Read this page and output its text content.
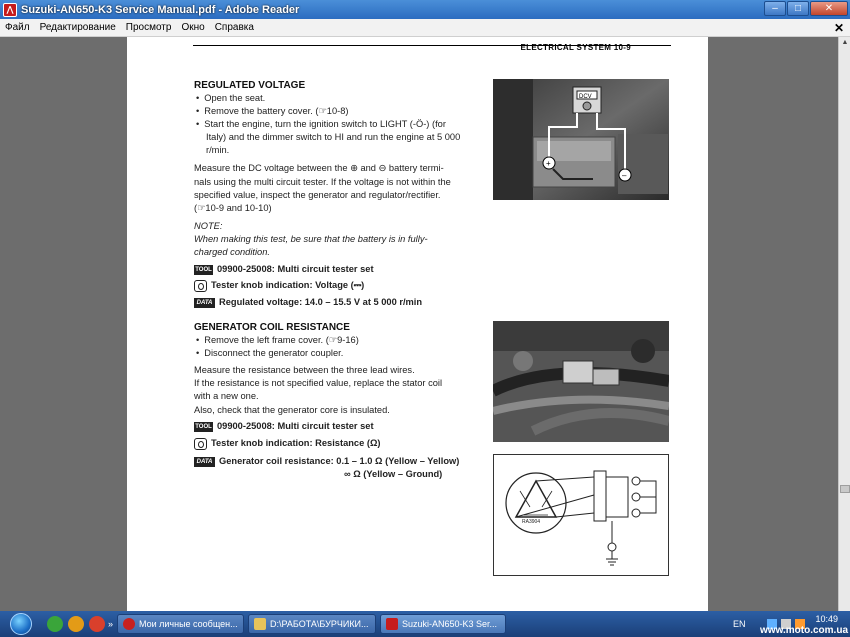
⋀ Suzuki-AN650-K3 Service Manual.pdf - Adobe Reader	–	□	✕
Файл	Редактирование	Просмотр	Окно	Справка	✕
ELECTRICAL SYSTEM 10-9
REGULATED VOLTAGE
• Open the seat.
• Remove the battery cover. (☞10-8)
• Start the engine, turn the ignition switch to LIGHT (-Ö-) (for
Italy) and the dimmer switch to HI and run the engine at 5 000
r/min.
Measure the DC voltage between the ⊕ and ⊖ battery termi-
nals using the multi circuit tester. If the voltage is not within the
specified value, inspect the generator and regulator/rectifier.
(☞10-9 and 10-10)
NOTE:
When making this test, be sure that the battery is in fully-
charged condition.
TOOL 09900-25008: Multi circuit tester set
Tester knob indication: Voltage (⎓)
DATA Regulated voltage: 14.0 – 15.5 V at 5 000 r/min
GENERATOR COIL RESISTANCE
• Remove the left frame cover. (☞9-16)
• Disconnect the generator coupler.
Measure the resistance between the three lead wires.
If the resistance is not specified value, replace the stator coil
with a new one.
Also, check that the generator core is insulated.
TOOL 09900-25008: Multi circuit tester set
Tester knob indication: Resistance (Ω)
DATA Generator coil resistance: 0.1 – 1.0 Ω (Yellow – Yellow)
∞ Ω (Yellow – Ground)
DCV
+
–
RA3904
▲
»	Мои личные сообщен...	D:\РАБОТА\БУРЧИКИ...	Suzuki-AN650-K3 Ser...	EN	10:49
www.moto.com.ua
